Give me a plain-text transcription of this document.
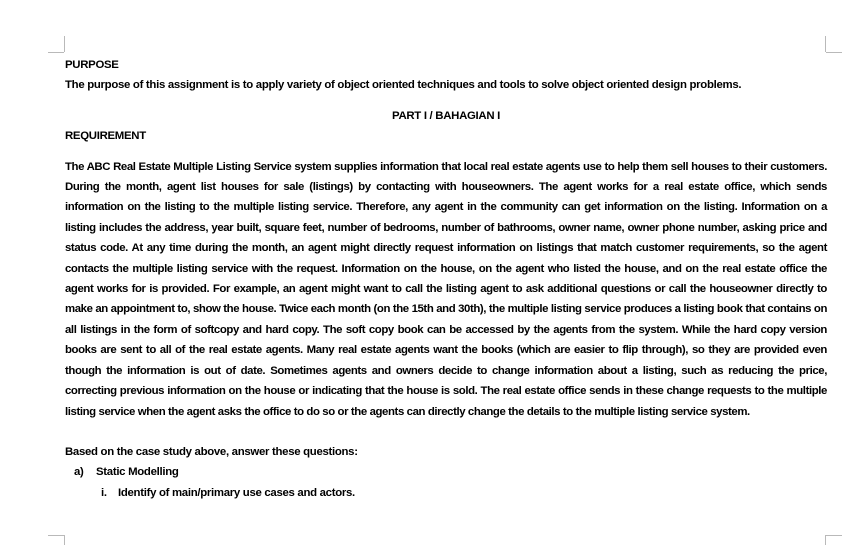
PURPOSE

The purpose of this assignment is to apply variety of object oriented techniques and tools to solve object oriented design problems.

PART I / BAHAGIAN I

REQUIREMENT

The ABC Real Estate Multiple Listing Service system supplies information that local real estate agents use to help them sell houses to their customers. During the month, agent list houses for sale (listings) by contacting with houseowners. The agent works for a real estate office, which sends information on the listing to the multiple listing service. Therefore, any agent in the community can get information on the listing. Information on a listing includes the address, year built, square feet, number of bedrooms, number of bathrooms, owner name, owner phone number, asking price and status code. At any time during the month, an agent might directly request information on listings that match customer requirements, so the agent contacts the multiple listing service with the request. Information on the house, on the agent who listed the house, and on the real estate office the agent works for is provided. For example, an agent might want to call the listing agent to ask additional questions or call the houseowner directly to make an appointment to, show the house. Twice each month (on the 15th and 30th), the multiple listing service produces a listing book that contains on all listings in the form of softcopy and hard copy. The soft copy book can be accessed by the agents from the system. While the hard copy version books are sent to all of the real estate agents. Many real estate agents want the books (which are easier to flip through), so they are provided even though the information is out of date. Sometimes agents and owners decide to change information about a listing, such as reducing the price, correcting previous information on the house or indicating that the house is sold. The real estate office sends in these change requests to the multiple listing service when the agent asks the office to do so or the agents can directly change the details to the multiple listing service system.

Based on the case study above, answer these questions:

a)	Static Modelling
i. Identify of main/primary use cases and actors.
